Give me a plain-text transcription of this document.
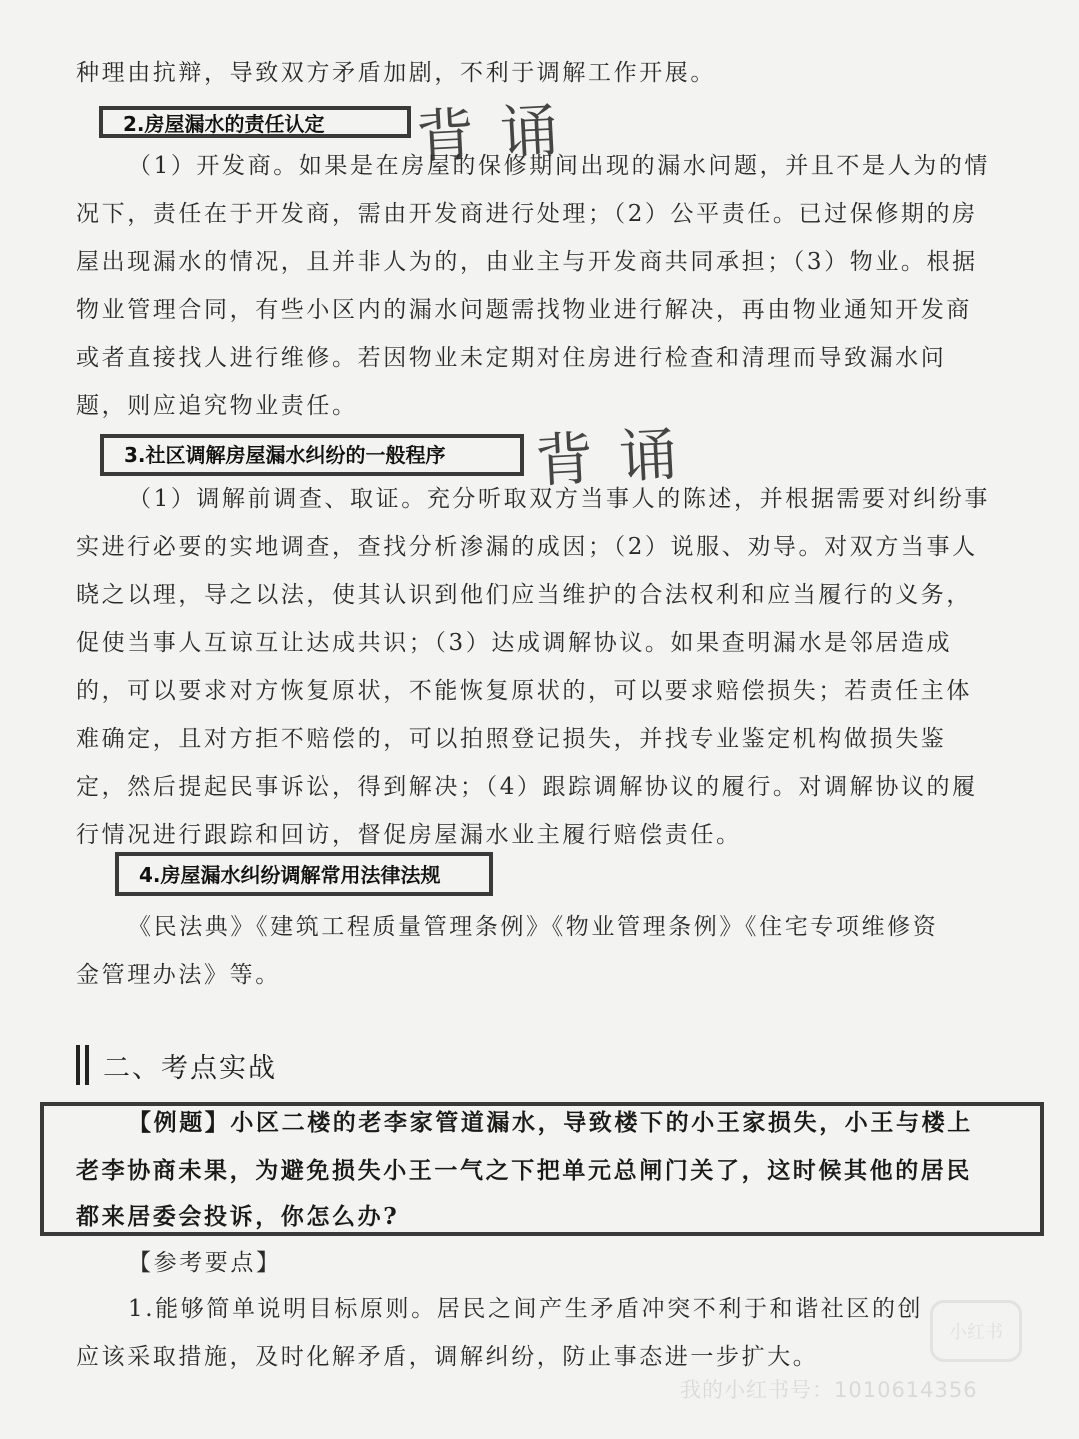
种理由抗辩，导致双方矛盾加剧，不利于调解工作开展。
2.房屋漏水的责任认定	背诵
（1）开发商。如果是在房屋的保修期间出现的漏水问题，并且不是人为的情
况下，责任在于开发商，需由开发商进行处理；（2）公平责任。已过保修期的房
屋出现漏水的情况，且并非人为的，由业主与开发商共同承担；（3）物业。根据
物业管理合同，有些小区内的漏水问题需找物业进行解决，再由物业通知开发商
或者直接找人进行维修。若因物业未定期对住房进行检查和清理而导致漏水问
题，则应追究物业责任。
3.社区调解房屋漏水纠纷的一般程序	背诵
（1）调解前调查、取证。充分听取双方当事人的陈述，并根据需要对纠纷事
实进行必要的实地调查，查找分析渗漏的成因；（2）说服、劝导。对双方当事人
晓之以理，导之以法，使其认识到他们应当维护的合法权利和应当履行的义务，
促使当事人互谅互让达成共识；（3）达成调解协议。如果查明漏水是邻居造成
的，可以要求对方恢复原状，不能恢复原状的，可以要求赔偿损失；若责任主体
难确定，且对方拒不赔偿的，可以拍照登记损失，并找专业鉴定机构做损失鉴
定，然后提起民事诉讼，得到解决；（4）跟踪调解协议的履行。对调解协议的履
行情况进行跟踪和回访，督促房屋漏水业主履行赔偿责任。
4.房屋漏水纠纷调解常用法律法规
《民法典》《建筑工程质量管理条例》《物业管理条例》《住宅专项维修资
金管理办法》等。
二、考点实战
【例题】小区二楼的老李家管道漏水，导致楼下的小王家损失，小王与楼上
老李协商未果，为避免损失小王一气之下把单元总闸门关了，这时候其他的居民
都来居委会投诉，你怎么办?
【参考要点】
1.能够简单说明目标原则。居民之间产生矛盾冲突不利于和谐社区的创
应该采取措施，及时化解矛盾，调解纠纷，防止事态进一步扩大。
小红书
我的小红书号：1010614356
